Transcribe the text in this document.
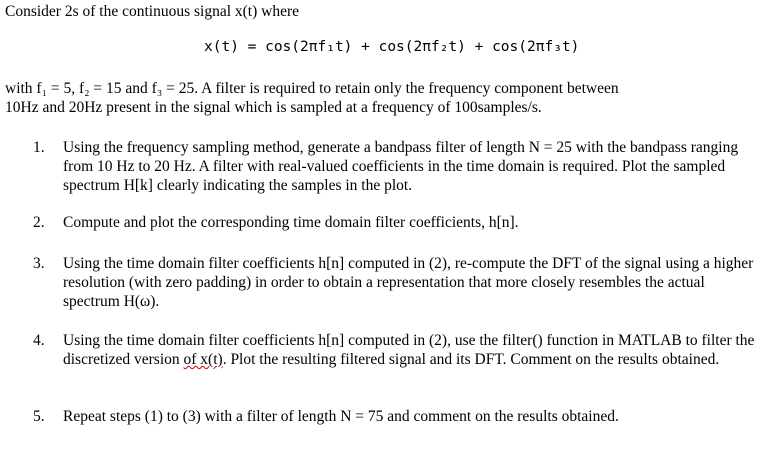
Consider 2s of the continuous signal x(t) where
x(t) = cos(2πf₁t) + cos(2πf₂t) + cos(2πf₃t)
with f₁ = 5, f₂ = 15 and f₃ = 25. A filter is required to retain only the frequency component between
10Hz and 20Hz present in the signal which is sampled at a frequency of 100samples/s.
1.	Using the frequency sampling method, generate a bandpass filter of length N = 25 with the bandpass ranging from 10 Hz to 20 Hz. A filter with real-valued coefficients in the time domain is required. Plot the sampled spectrum H[k] clearly indicating the samples in the plot.
2.	Compute and plot the corresponding time domain filter coefficients, h[n].
3.	Using the time domain filter coefficients h[n] computed in (2), re-compute the DFT of the signal using a higher resolution (with zero padding) in order to obtain a representation that more closely resembles the actual spectrum H(ω).
4.	Using the time domain filter coefficients h[n] computed in (2), use the filter() function in MATLAB to filter the discretized version of x(t). Plot the resulting filtered signal and its DFT. Comment on the results obtained.
5.	Repeat steps (1) to (3) with a filter of length N = 75 and comment on the results obtained.
